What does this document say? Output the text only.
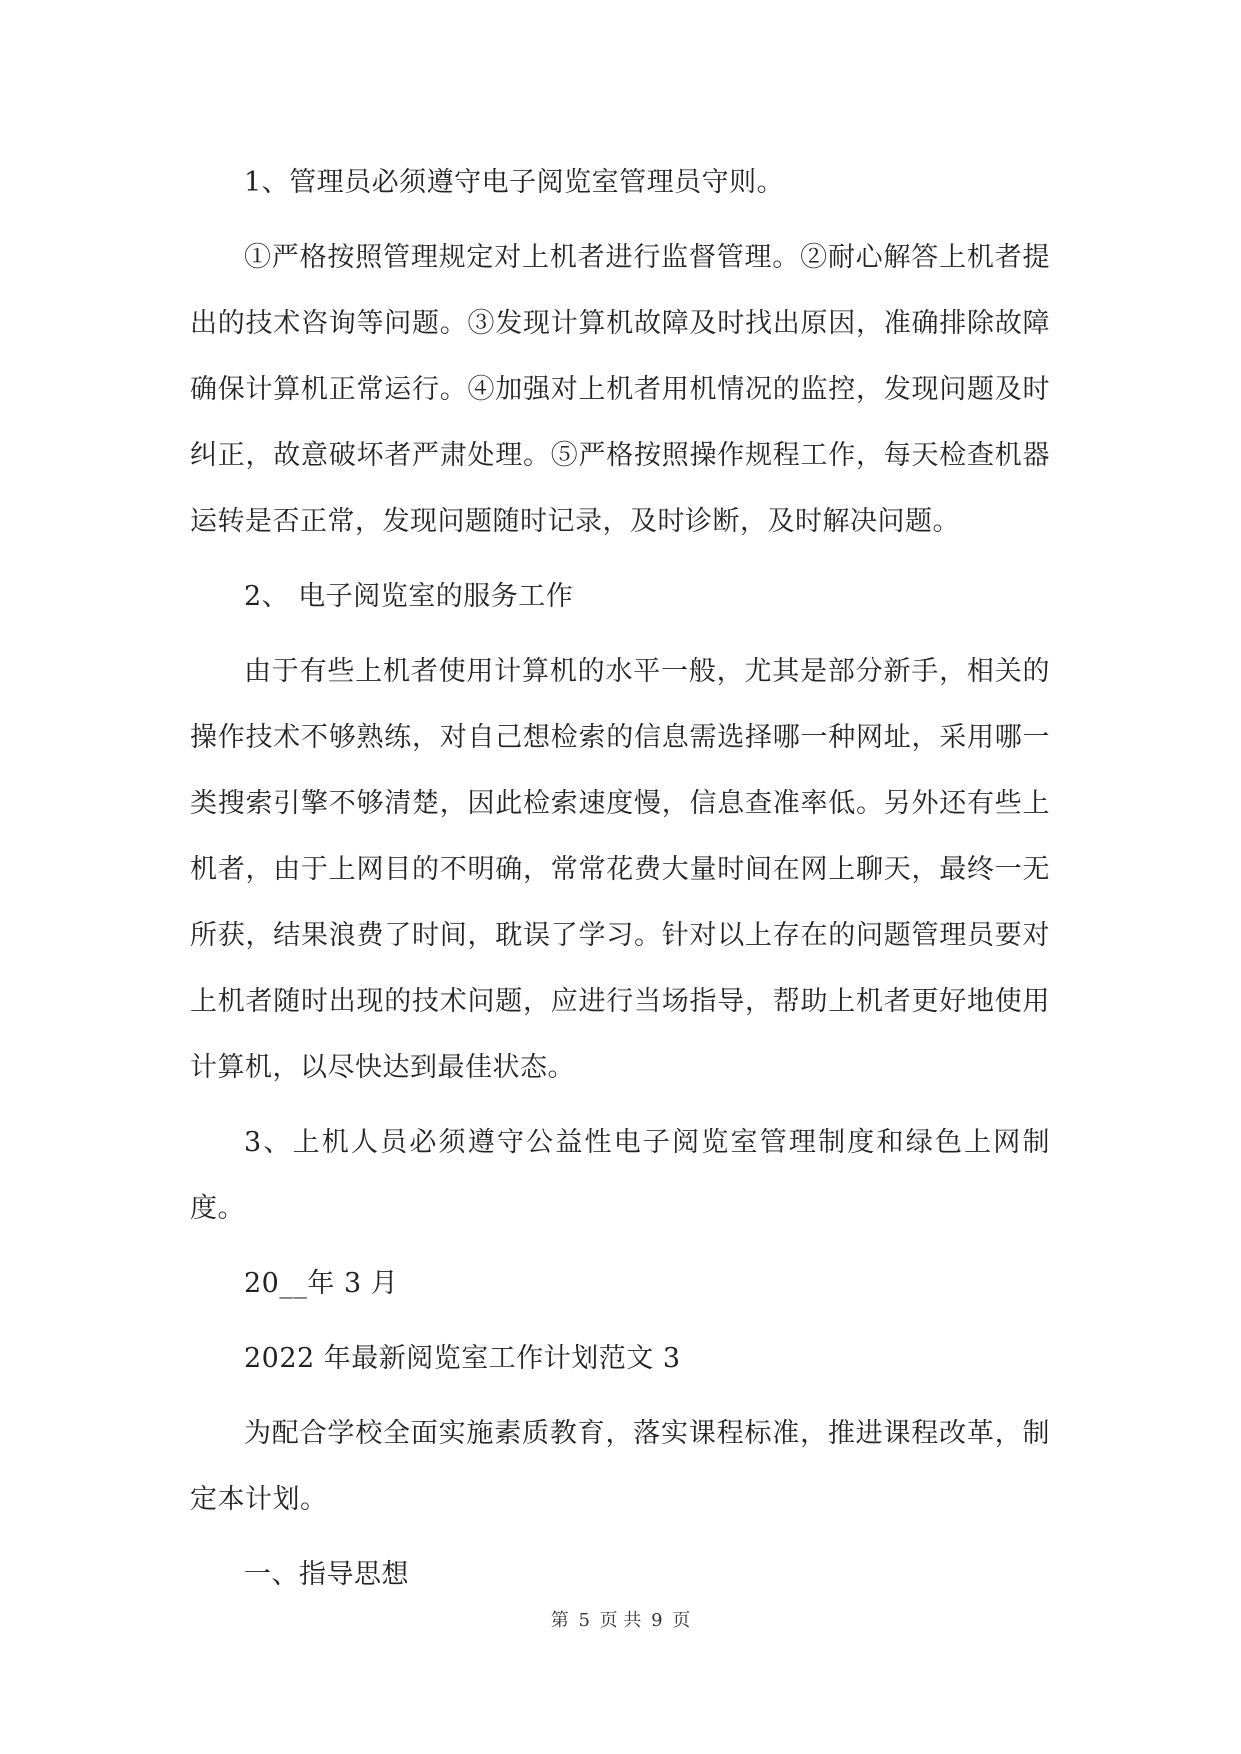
1、管理员必须遵守电子阅览室管理员守则。

①严格按照管理规定对上机者进行监督管理。②耐心解答上机者提出的技术咨询等问题。③发现计算机故障及时找出原因，准确排除故障确保计算机正常运行。④加强对上机者用机情况的监控，发现问题及时纠正，故意破坏者严肃处理。⑤严格按照操作规程工作，每天检查机器运转是否正常，发现问题随时记录，及时诊断，及时解决问题。

2、 电子阅览室的服务工作

由于有些上机者使用计算机的水平一般，尤其是部分新手，相关的操作技术不够熟练，对自己想检索的信息需选择哪一种网址，采用哪一类搜索引擎不够清楚，因此检索速度慢，信息查准率低。另外还有些上机者，由于上网目的不明确，常常花费大量时间在网上聊天，最终一无所获，结果浪费了时间，耽误了学习。针对以上存在的问题管理员要对上机者随时出现的技术问题，应进行当场指导，帮助上机者更好地使用计算机，以尽快达到最佳状态。

3、上机人员必须遵守公益性电子阅览室管理制度和绿色上网制度。

20__年 3 月

2022 年最新阅览室工作计划范文 3

为配合学校全面实施素质教育，落实课程标准，推进课程改革，制定本计划。

一、指导思想

第 5 页 共 9 页
